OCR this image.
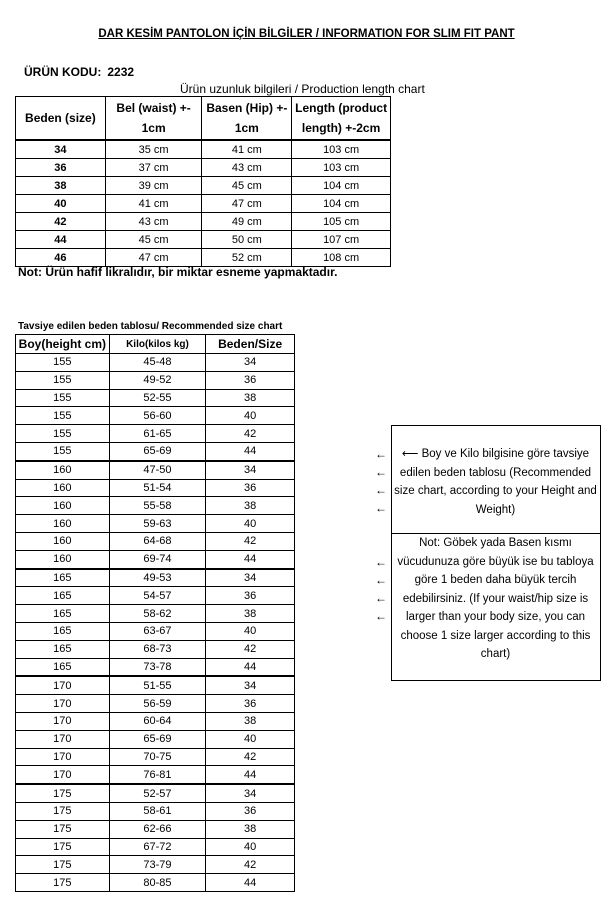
DAR KESİM PANTOLON İÇİN BİLGİLER / INFORMATION FOR SLIM FIT PANT
ÜRÜN KODU: 2232
Ürün uzunluk bilgileri / Production length chart
Beden (size)	Bel (waist) +- 1cm	Basen (Hip) +- 1cm	Length (product length) +-2cm
34	35 cm	41 cm	103 cm
36	37 cm	43 cm	103 cm
38	39 cm	45 cm	104 cm
40	41 cm	47 cm	104 cm
42	43 cm	49 cm	105 cm
44	45 cm	50 cm	107 cm
46	47 cm	52 cm	108 cm
Not: Ürün hafif likralıdır, bir miktar esneme yapmaktadır.
Tavsiye edilen beden tablosu/ Recommended size chart
Boy(height cm)	Kilo(kilos kg)	Beden/Size
155	45-48	34
155	49-52	36
155	52-55	38
155	56-60	40
155	61-65	42
155	65-69	44
160	47-50	34
160	51-54	36
160	55-58	38
160	59-63	40
160	64-68	42
160	69-74	44
165	49-53	34
165	54-57	36
165	58-62	38
165	63-67	40
165	68-73	42
165	73-78	44
170	51-55	34
170	56-59	36
170	60-64	38
170	65-69	40
170	70-75	42
170	76-81	44
175	52-57	34
175	58-61	36
175	62-66	38
175	67-72	40
175	73-79	42
175	80-85	44
←
←
←
←
←
←
←
←
⟵ Boy ve Kilo bilgisine göre tavsiye edilen beden tablosu (Recommended size chart, according to your Height and Weight)
Not: Göbek yada Basen kısmı vücudunuza göre büyük ise bu tabloya göre 1 beden daha büyük tercih edebilirsiniz. (If your waist/hip size is larger than your body size, you can choose 1 size larger according to this chart)
